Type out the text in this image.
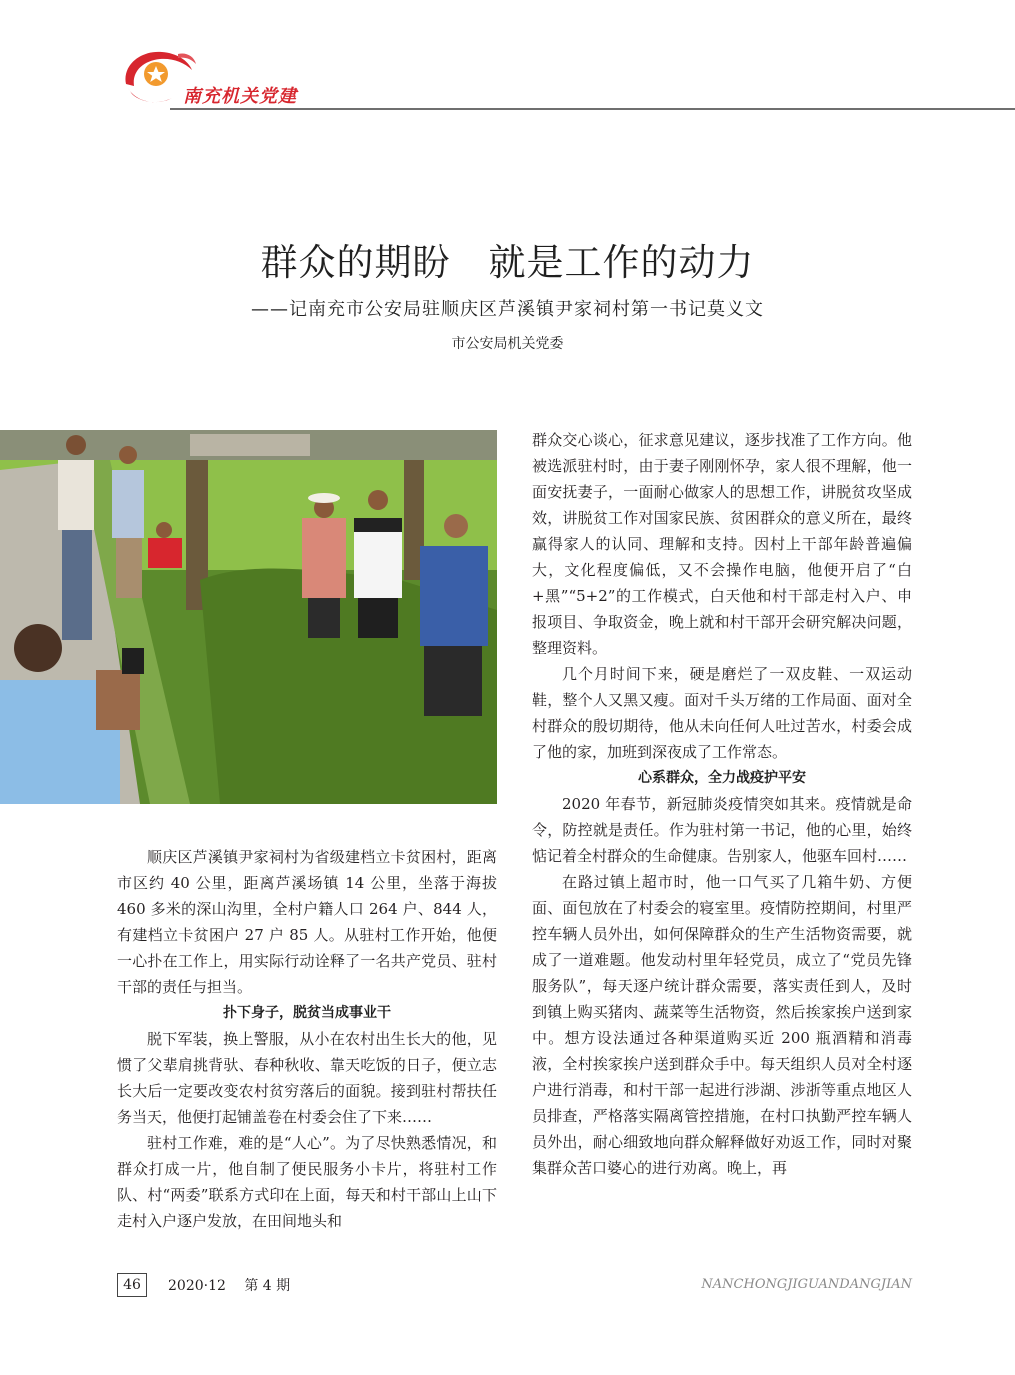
南充机关党建
群众的期盼　就是工作的动力
——记南充市公安局驻顺庆区芦溪镇尹家祠村第一书记莫义文
市公安局机关党委

顺庆区芦溪镇尹家祠村为省级建档立卡贫困村，距离市区约 40 公里，距离芦溪场镇 14 公里，坐落于海拔 460 多米的深山沟里，全村户籍人口 264 户、844 人，有建档立卡贫困户 27 户 85 人。从驻村工作开始，他便一心扑在工作上，用实际行动诠释了一名共产党员、驻村干部的责任与担当。

扑下身子，脱贫当成事业干

脱下军装，换上警服，从小在农村出生长大的他，见惯了父辈肩挑背驮、春种秋收、靠天吃饭的日子，便立志长大后一定要改变农村贫穷落后的面貌。接到驻村帮扶任务当天，他便打起铺盖卷在村委会住了下来……

驻村工作难，难的是“人心”。为了尽快熟悉情况，和群众打成一片，他自制了便民服务小卡片，将驻村工作队、村“两委”联系方式印在上面，每天和村干部山上山下走村入户逐户发放，在田间地头和

群众交心谈心，征求意见建议，逐步找准了工作方向。他被选派驻村时，由于妻子刚刚怀孕，家人很不理解，他一面安抚妻子，一面耐心做家人的思想工作，讲脱贫攻坚成效，讲脱贫工作对国家民族、贫困群众的意义所在，最终赢得家人的认同、理解和支持。因村上干部年龄普遍偏大，文化程度偏低，又不会操作电脑，他便开启了“白+黑”“5+2”的工作模式，白天他和村干部走村入户、申报项目、争取资金，晚上就和村干部开会研究解决问题，整理资料。

几个月时间下来，硬是磨烂了一双皮鞋、一双运动鞋，整个人又黑又瘦。面对千头万绪的工作局面、面对全村群众的殷切期待，他从未向任何人吐过苦水，村委会成了他的家，加班到深夜成了工作常态。

心系群众，全力战疫护平安

2020 年春节，新冠肺炎疫情突如其来。疫情就是命令，防控就是责任。作为驻村第一书记，他的心里，始终惦记着全村群众的生命健康。告别家人，他驱车回村……

在路过镇上超市时，他一口气买了几箱牛奶、方便面、面包放在了村委会的寝室里。疫情防控期间，村里严控车辆人员外出，如何保障群众的生产生活物资需要，就成了一道难题。他发动村里年轻党员，成立了“党员先锋服务队”，每天逐户统计群众需要，落实责任到人，及时到镇上购买猪肉、蔬菜等生活物资，然后挨家挨户送到家中。想方设法通过各种渠道购买近 200 瓶酒精和消毒液，全村挨家挨户送到群众手中。每天组织人员对全村逐户进行消毒，和村干部一起进行涉湖、涉浙等重点地区人员排查，严格落实隔离管控措施，在村口执勤严控车辆人员外出，耐心细致地向群众解释做好劝返工作，同时对聚集群众苦口婆心的进行劝离。晚上，再

46	2020·12 第 4 期	NANCHONGJIGUANDANGJIAN
